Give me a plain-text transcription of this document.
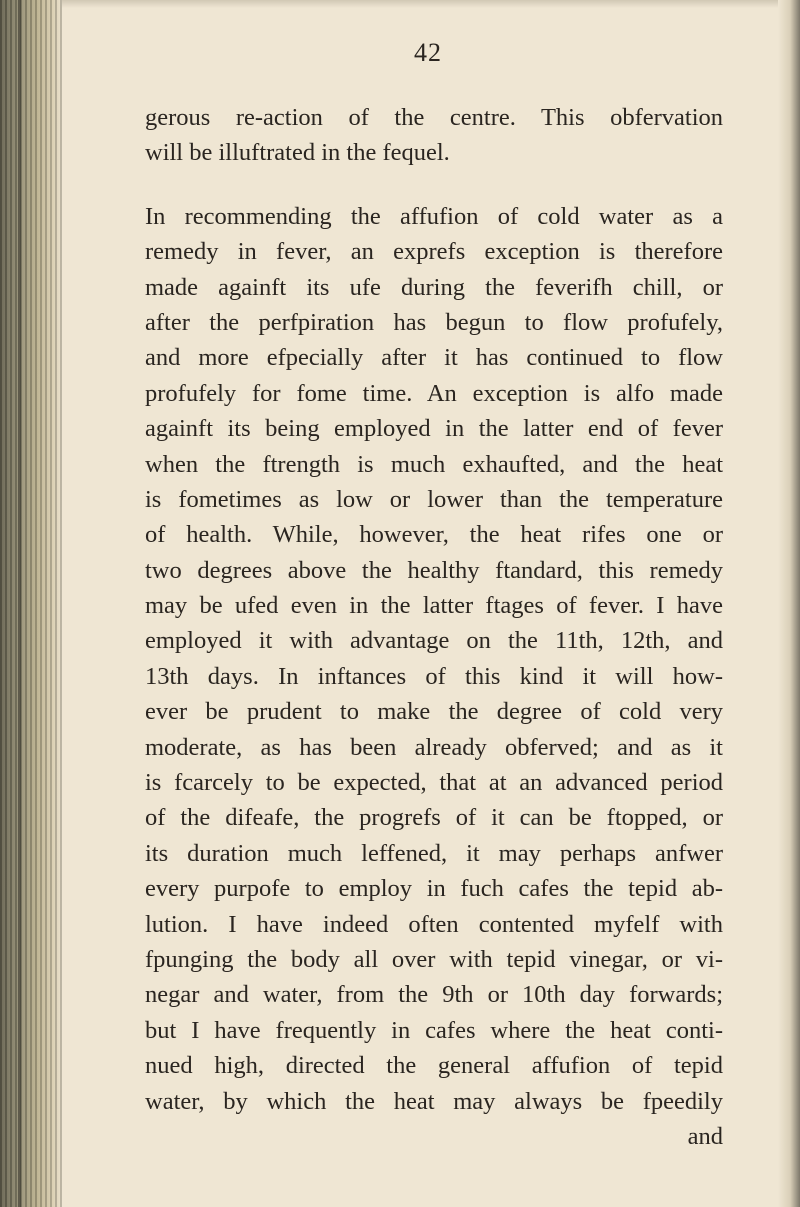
42
gerous re-action of the centre. This obfervation
will be illuftrated in the fequel.
In recommending the affufion of cold water as a
remedy in fever, an exprefs exception is therefore
made againft its ufe during the feverifh chill, or
after the perfpiration has begun to flow profufely,
and more efpecially after it has continued to flow
profufely for fome time. An exception is alfo made
againft its being employed in the latter end of fever
when the ftrength is much exhaufted, and the heat
is fometimes as low or lower than the temperature
of health. While, however, the heat rifes one or
two degrees above the healthy ftandard, this remedy
may be ufed even in the latter ftages of fever. I have
employed it with advantage on the 11th, 12th, and
13th days. In inftances of this kind it will how-
ever be prudent to make the degree of cold very
moderate, as has been already obferved; and as it
is fcarcely to be expected, that at an advanced period
of the difeafe, the progrefs of it can be ftopped, or
its duration much leffened, it may perhaps anfwer
every purpofe to employ in fuch cafes the tepid ab-
lution. I have indeed often contented myfelf with
fpunging the body all over with tepid vinegar, or vi-
negar and water, from the 9th or 10th day forwards;
but I have frequently in cafes where the heat conti-
nued high, directed the general affufion of tepid
water, by which the heat may always be fpeedily
and
